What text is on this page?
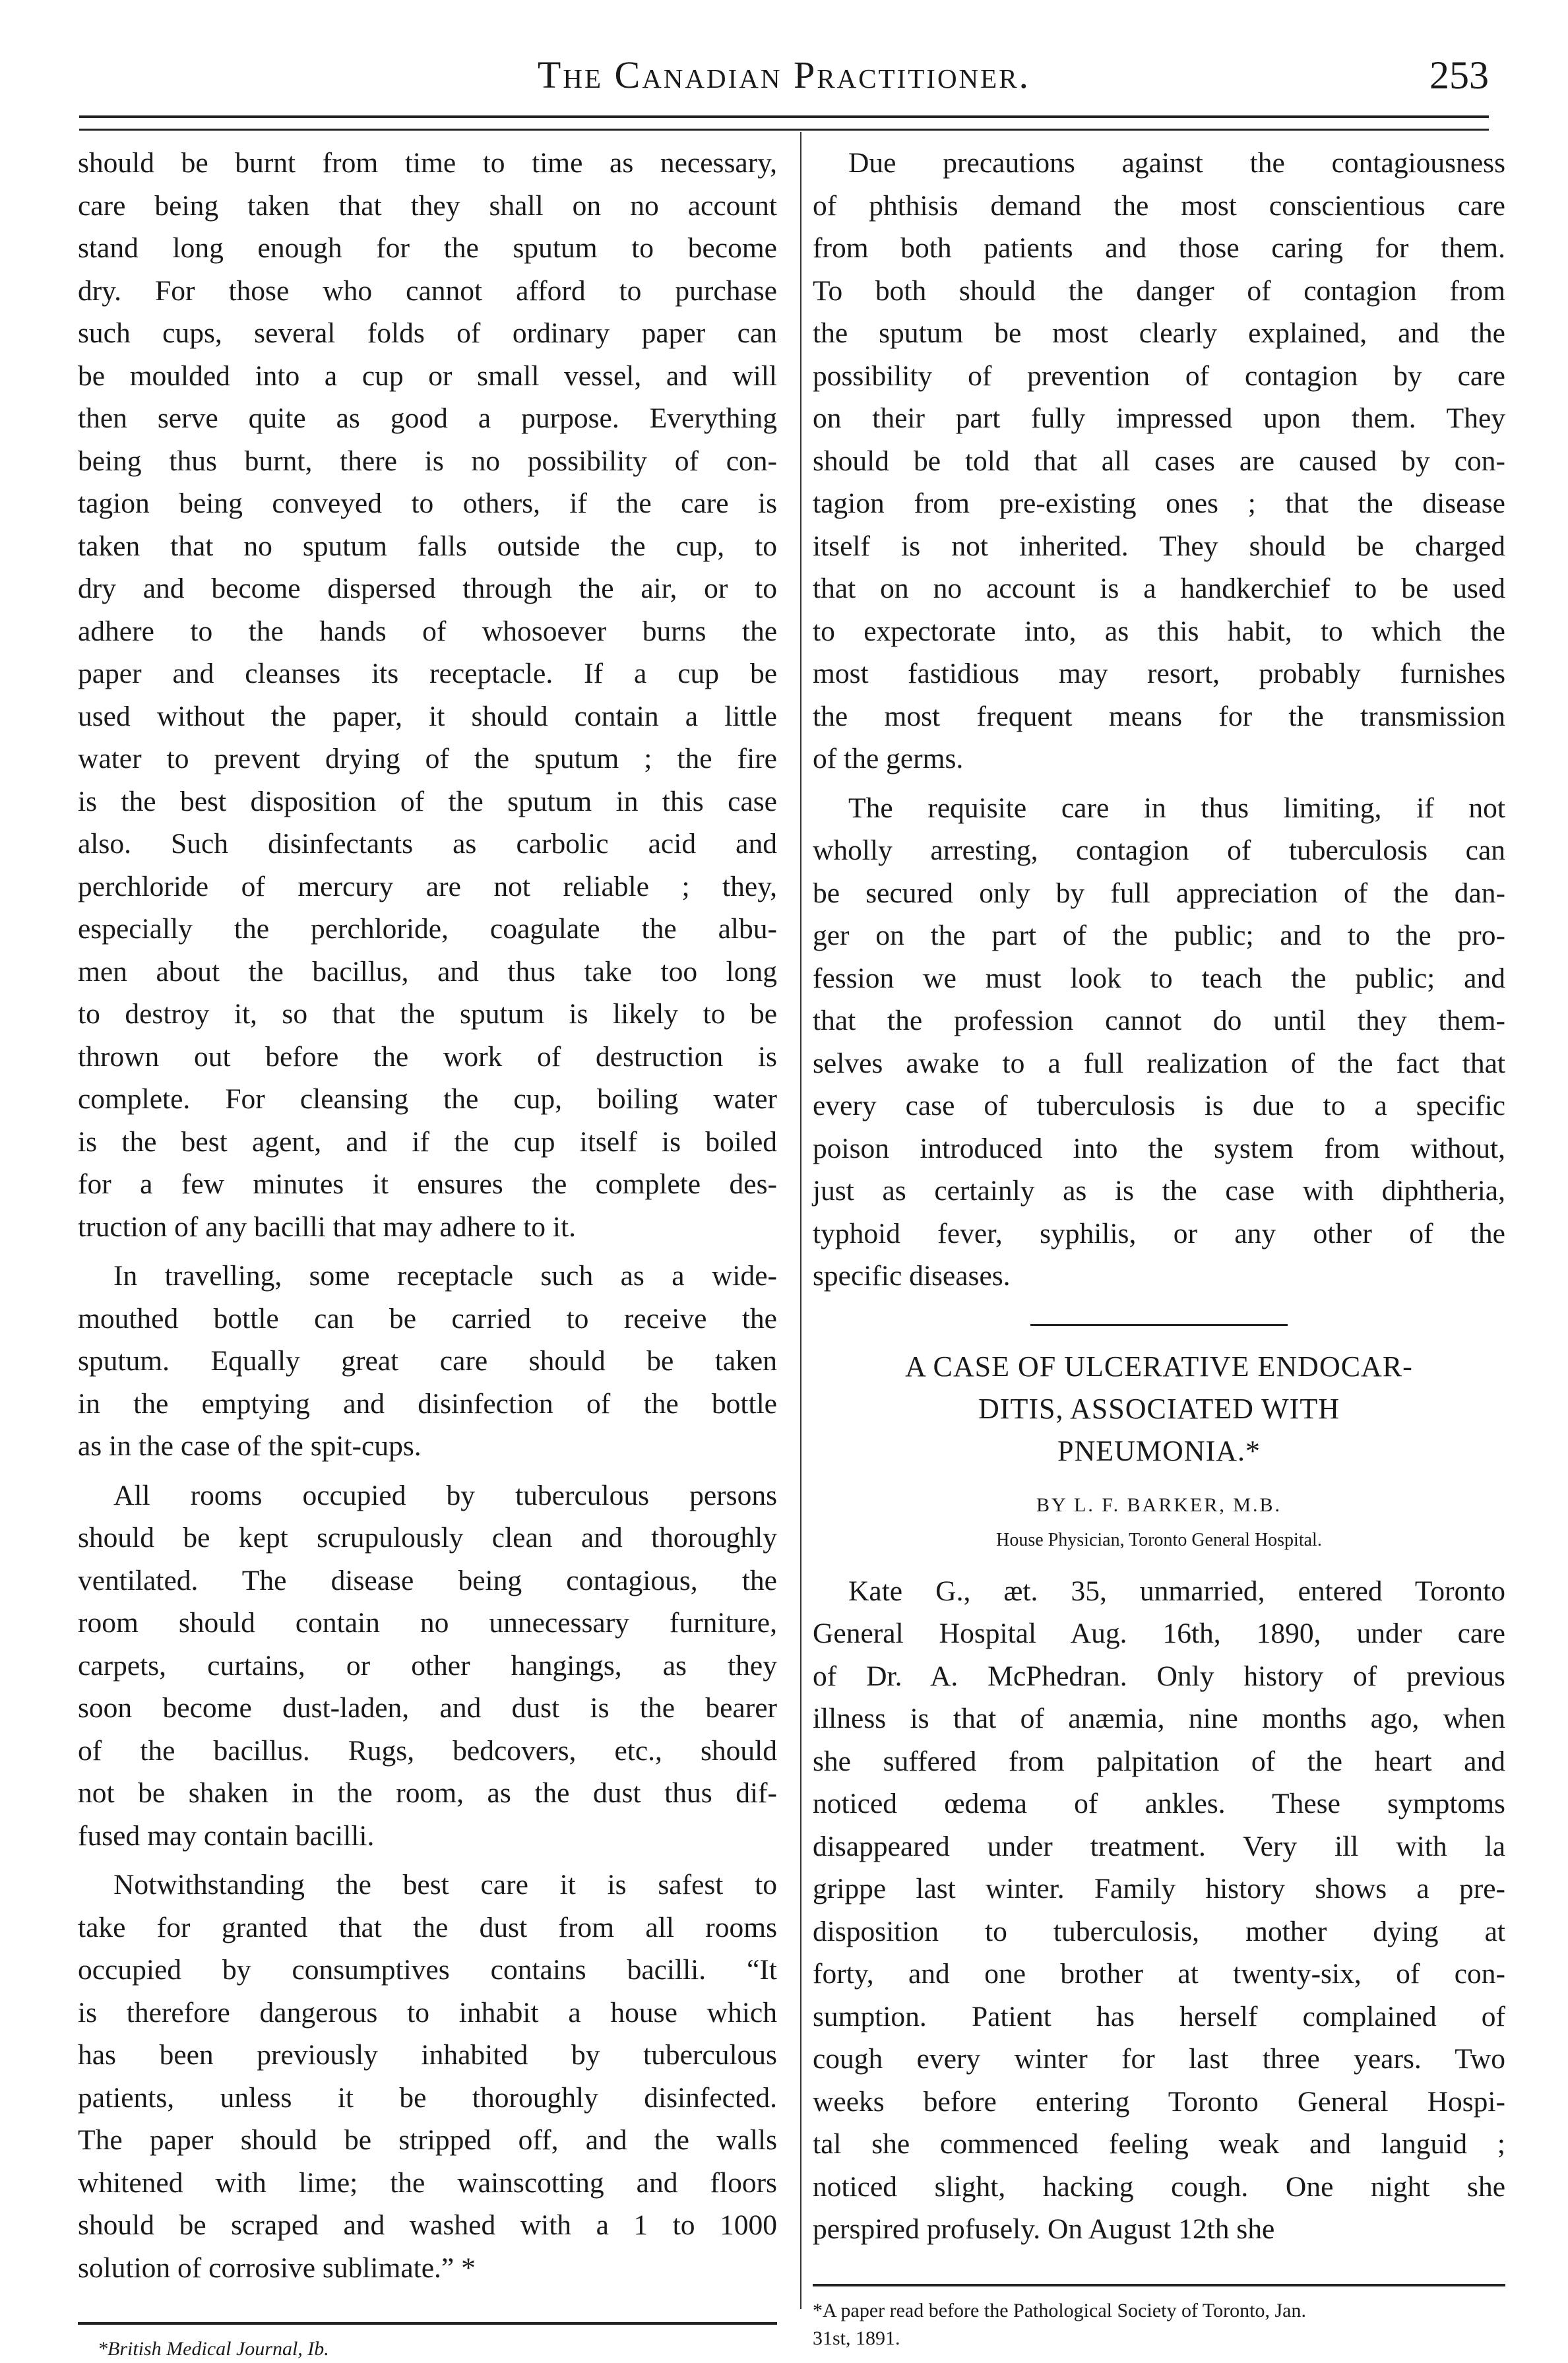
The Canadian Practitioner.	253
should be burnt from time to time as necessary,
care being taken that they shall on no account
stand long enough for the sputum to become
dry. For those who cannot afford to purchase
such cups, several folds of ordinary paper can
be moulded into a cup or small vessel, and will
then serve quite as good a purpose. Everything
being thus burnt, there is no possibility of con-
tagion being conveyed to others, if the care is
taken that no sputum falls outside the cup, to
dry and become dispersed through the air, or to
adhere to the hands of whosoever burns the
paper and cleanses its receptacle. If a cup be
used without the paper, it should contain a little
water to prevent drying of the sputum ; the fire
is the best disposition of the sputum in this case
also. Such disinfectants as carbolic acid and
perchloride of mercury are not reliable ; they,
especially the perchloride, coagulate the albu-
men about the bacillus, and thus take too long
to destroy it, so that the sputum is likely to be
thrown out before the work of destruction is
complete. For cleansing the cup, boiling water
is the best agent, and if the cup itself is boiled
for a few minutes it ensures the complete des-
truction of any bacilli that may adhere to it.
In travelling, some receptacle such as a wide-
mouthed bottle can be carried to receive the
sputum. Equally great care should be taken
in the emptying and disinfection of the bottle
as in the case of the spit-cups.
All rooms occupied by tuberculous persons
should be kept scrupulously clean and thoroughly
ventilated. The disease being contagious, the
room should contain no unnecessary furniture,
carpets, curtains, or other hangings, as they
soon become dust-laden, and dust is the bearer
of the bacillus. Rugs, bedcovers, etc., should
not be shaken in the room, as the dust thus dif-
fused may contain bacilli.
Notwithstanding the best care it is safest to
take for granted that the dust from all rooms
occupied by consumptives contains bacilli. “It
is therefore dangerous to inhabit a house which
has been previously inhabited by tuberculous
patients, unless it be thoroughly disinfected.
The paper should be stripped off, and the walls
whitened with lime; the wainscotting and floors
should be scraped and washed with a 1 to 1000
solution of corrosive sublimate.” *
*British Medical Journal, Ib.
Due precautions against the contagiousness
of phthisis demand the most conscientious care
from both patients and those caring for them.
To both should the danger of contagion from
the sputum be most clearly explained, and the
possibility of prevention of contagion by care
on their part fully impressed upon them. They
should be told that all cases are caused by con-
tagion from pre-existing ones ; that the disease
itself is not inherited. They should be charged
that on no account is a handkerchief to be used
to expectorate into, as this habit, to which the
most fastidious may resort, probably furnishes
the most frequent means for the transmission
of the germs.
The requisite care in thus limiting, if not
wholly arresting, contagion of tuberculosis can
be secured only by full appreciation of the dan-
ger on the part of the public; and to the pro-
fession we must look to teach the public; and
that the profession cannot do until they them-
selves awake to a full realization of the fact that
every case of tuberculosis is due to a specific
poison introduced into the system from without,
just as certainly as is the case with diphtheria,
typhoid fever, syphilis, or any other of the
specific diseases.
A CASE OF ULCERATIVE ENDOCAR-
DITIS, ASSOCIATED WITH
PNEUMONIA.*
BY L. F. BARKER, M.B.
House Physician, Toronto General Hospital.
Kate G., æt. 35, unmarried, entered Toronto
General Hospital Aug. 16th, 1890, under care
of Dr. A. McPhedran. Only history of previous
illness is that of anæmia, nine months ago, when
she suffered from palpitation of the heart and
noticed œdema of ankles. These symptoms
disappeared under treatment. Very ill with la
grippe last winter. Family history shows a pre-
disposition to tuberculosis, mother dying at
forty, and one brother at twenty-six, of con-
sumption. Patient has herself complained of
cough every winter for last three years. Two
weeks before entering Toronto General Hospi-
tal she commenced feeling weak and languid ;
noticed slight, hacking cough. One night she
perspired profusely. On August 12th she
*A paper read before the Pathological Society of Toronto, Jan.
31st, 1891.
